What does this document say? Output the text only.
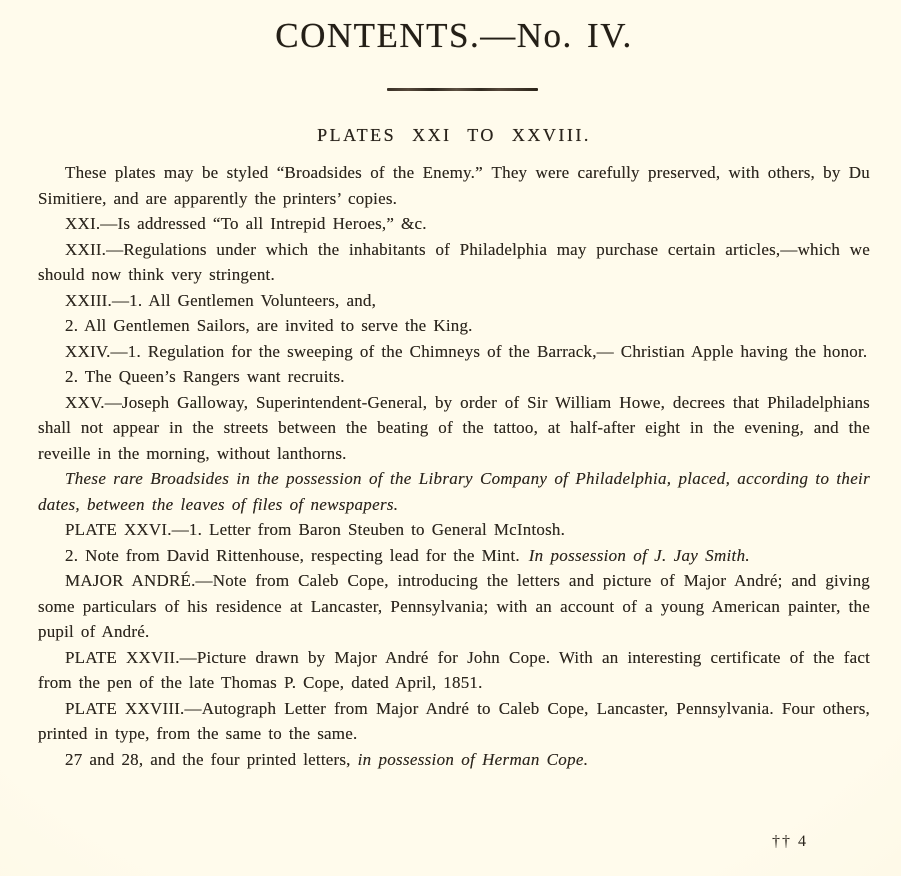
CONTENTS.—No. IV.
PLATES XXI TO XXVIII.

These plates may be styled “Broadsides of the Enemy.” They were carefully preserved, with others, by Du Simitiere, and are apparently the printers’ copies.

XXI.—Is addressed “To all Intrepid Heroes,” &c.

XXII.—Regulations under which the inhabitants of Philadelphia may purchase certain articles,—which we should now think very stringent.

XXIII.—1. All Gentlemen Volunteers, and,

2. All Gentlemen Sailors, are invited to serve the King.

XXIV.—1. Regulation for the sweeping of the Chimneys of the Barrack,— Christian Apple having the honor.

2. The Queen’s Rangers want recruits.

XXV.—Joseph Galloway, Superintendent-General, by order of Sir William Howe, decrees that Philadelphians shall not appear in the streets between the beating of the tattoo, at half-after eight in the evening, and the reveille in the morning, without lanthorns.

These rare Broadsides in the possession of the Library Company of Philadelphia, placed, according to their dates, between the leaves of files of newspapers.

PLATE XXVI.—1. Letter from Baron Steuben to General McIntosh.

2. Note from David Rittenhouse, respecting lead for the Mint. In possession of J. Jay Smith.

MAJOR ANDRÉ.—Note from Caleb Cope, introducing the letters and picture of Major André; and giving some particulars of his residence at Lancaster, Pennsylvania; with an account of a young American painter, the pupil of André.

PLATE XXVII.—Picture drawn by Major André for John Cope. With an interesting certificate of the fact from the pen of the late Thomas P. Cope, dated April, 1851.

PLATE XXVIII.—Autograph Letter from Major André to Caleb Cope, Lancaster, Pennsylvania. Four others, printed in type, from the same to the same.

27 and 28, and the four printed letters, in possession of Herman Cope.

†† 4
